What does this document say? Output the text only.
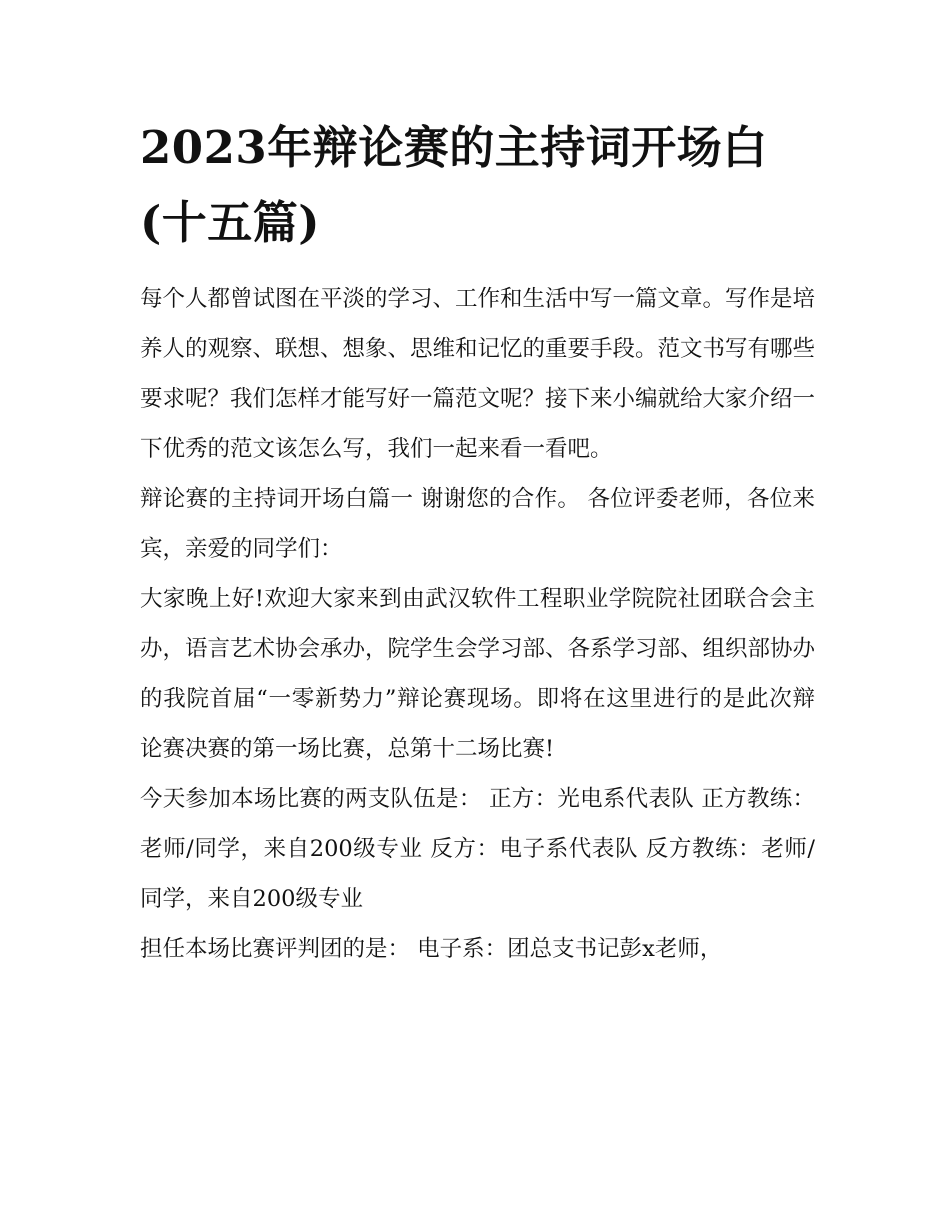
2023年辩论赛的主持词开场白(十五篇)

每个人都曾试图在平淡的学习、工作和生活中写一篇文章。写作是培养人的观察、联想、想象、思维和记忆的重要手段。范文书写有哪些要求呢？我们怎样才能写好一篇范文呢？接下来小编就给大家介绍一下优秀的范文该怎么写，我们一起来看一看吧。

辩论赛的主持词开场白篇一 谢谢您的合作。 各位评委老师，各位来宾，亲爱的同学们：

大家晚上好!欢迎大家来到由武汉软件工程职业学院院社团联合会主办，语言艺术协会承办，院学生会学习部、各系学习部、组织部协办的我院首届“一零新势力”辩论赛现场。即将在这里进行的是此次辩论赛决赛的第一场比赛，总第十二场比赛!

今天参加本场比赛的两支队伍是： 正方：光电系代表队 正方教练：老师/同学，来自200级专业 反方：电子系代表队 反方教练：老师/同学，来自200级专业

担任本场比赛评判团的是： 电子系：团总支书记彭x老师，
